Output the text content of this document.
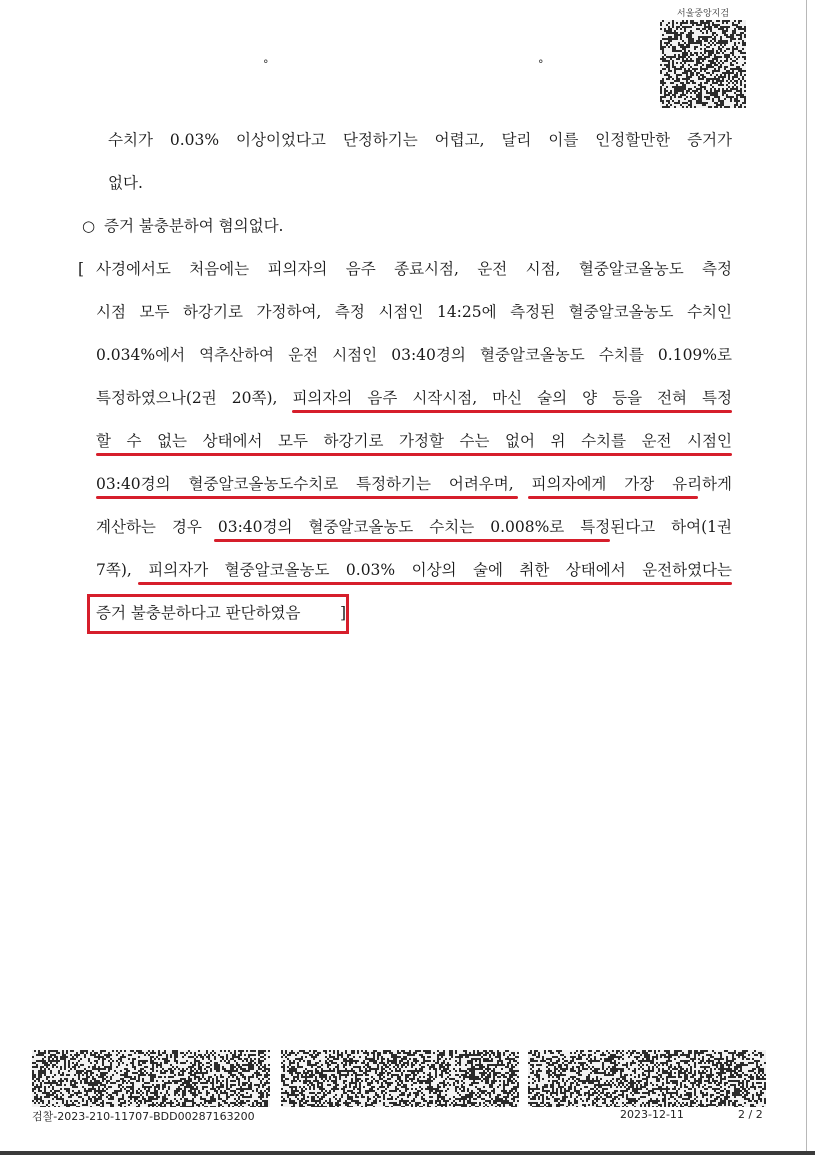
서울중앙지검
°	°
수치가 0.03% 이상이었다고 단정하기는 어렵고, 달리 이를 인정할만한 증거가
없다.
○ 증거 불충분하여 혐의없다.
[ 사경에서도 처음에는 피의자의 음주 종료시점, 운전 시점, 혈중알코올농도 측정
시점 모두 하강기로 가정하여, 측정 시점인 14:25에 측정된 혈중알코올농도 수치인
0.034%에서 역추산하여 운전 시점인 03:40경의 혈중알코올농도 수치를 0.109%로
특정하였으나(2권 20쪽), 피의자의 음주 시작시점, 마신 술의 양 등을 전혀 특정
할 수 없는 상태에서 모두 하강기로 가정할 수는 없어 위 수치를 운전 시점인
03:40경의 혈중알코올농도수치로 특정하기는 어려우며, 피의자에게 가장 유리하게
계산하는 경우 03:40경의 혈중알코올농도 수치는 0.008%로 특정된다고 하여(1권
7쪽), 피의자가 혈중알코올농도 0.03% 이상의 술에 취한 상태에서 운전하였다는
증거 불충분하다고 판단하였음	]
검찰-2023-210-11707-BDD00287163200	2023-12-11	2 / 2
